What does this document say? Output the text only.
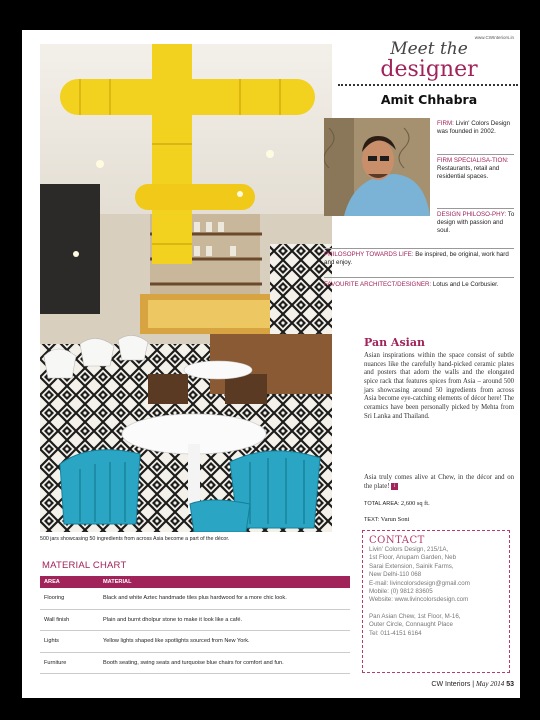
www.CWInteriors.in
500 jars showcasing 50 ingredients from across Asia become a part of the décor.
Meet the
designer
Amit Chhabra
FIRM: Livin' Colors Design was founded in 2002.
FIRM SPECIALISA-TION: Restaurants, retail and residential spaces.
DESIGN PHILOSO-PHY: To design with passion and soul.
PHILOSOPHY TOWARDS LIFE: Be inspired, be original, work hard and enjoy.
FAVOURITE ARCHITECT/DESIGNER: Lotus and Le Corbusier.
Pan Asian
Asian inspirations within the space consist of subtle nuances like the carefully hand-picked ceramic plates and posters that adorn the walls and the elongated spice rack that features spices from Asia – around 500 jars showcasing around 50 ingredients from across Asia become eye-catching elements of décor here! The ceramics have been personally picked by Mehta from Sri Lanka and Thailand.
Asia truly comes alive at Chew, in the décor and on the plate! i
TOTAL AREA: 2,600 sq ft.
TEXT: Varun Soni
CONTACT
Livin' Colors Design, 215/1A,
1st Floor, Anupam Garden, Neb
Sarai Extension, Sainik Farms,
New Delhi-110 068
E-mail: livincolorsdesign@gmail.com
Mobile: (0) 9812 83605
Website: www.livincolorsdesign.com
Pan Asian Chew, 1st Floor, M-16,
Outer Circle, Connaught Place
Tel: 011-4151 6164
MATERIAL CHART
AREA	MATERIAL
Flooring	Black and white Aztec handmade tiles plus hardwood for a more chic look.
Wall finish	Plain and burnt dholpur stone to make it look like a café.
Lights	Yellow lights shaped like spotlights sourced from New York.
Furniture	Booth seating, swing seats and turquoise blue chairs for comfort and fun.
CW Interiors | May 2014 53
